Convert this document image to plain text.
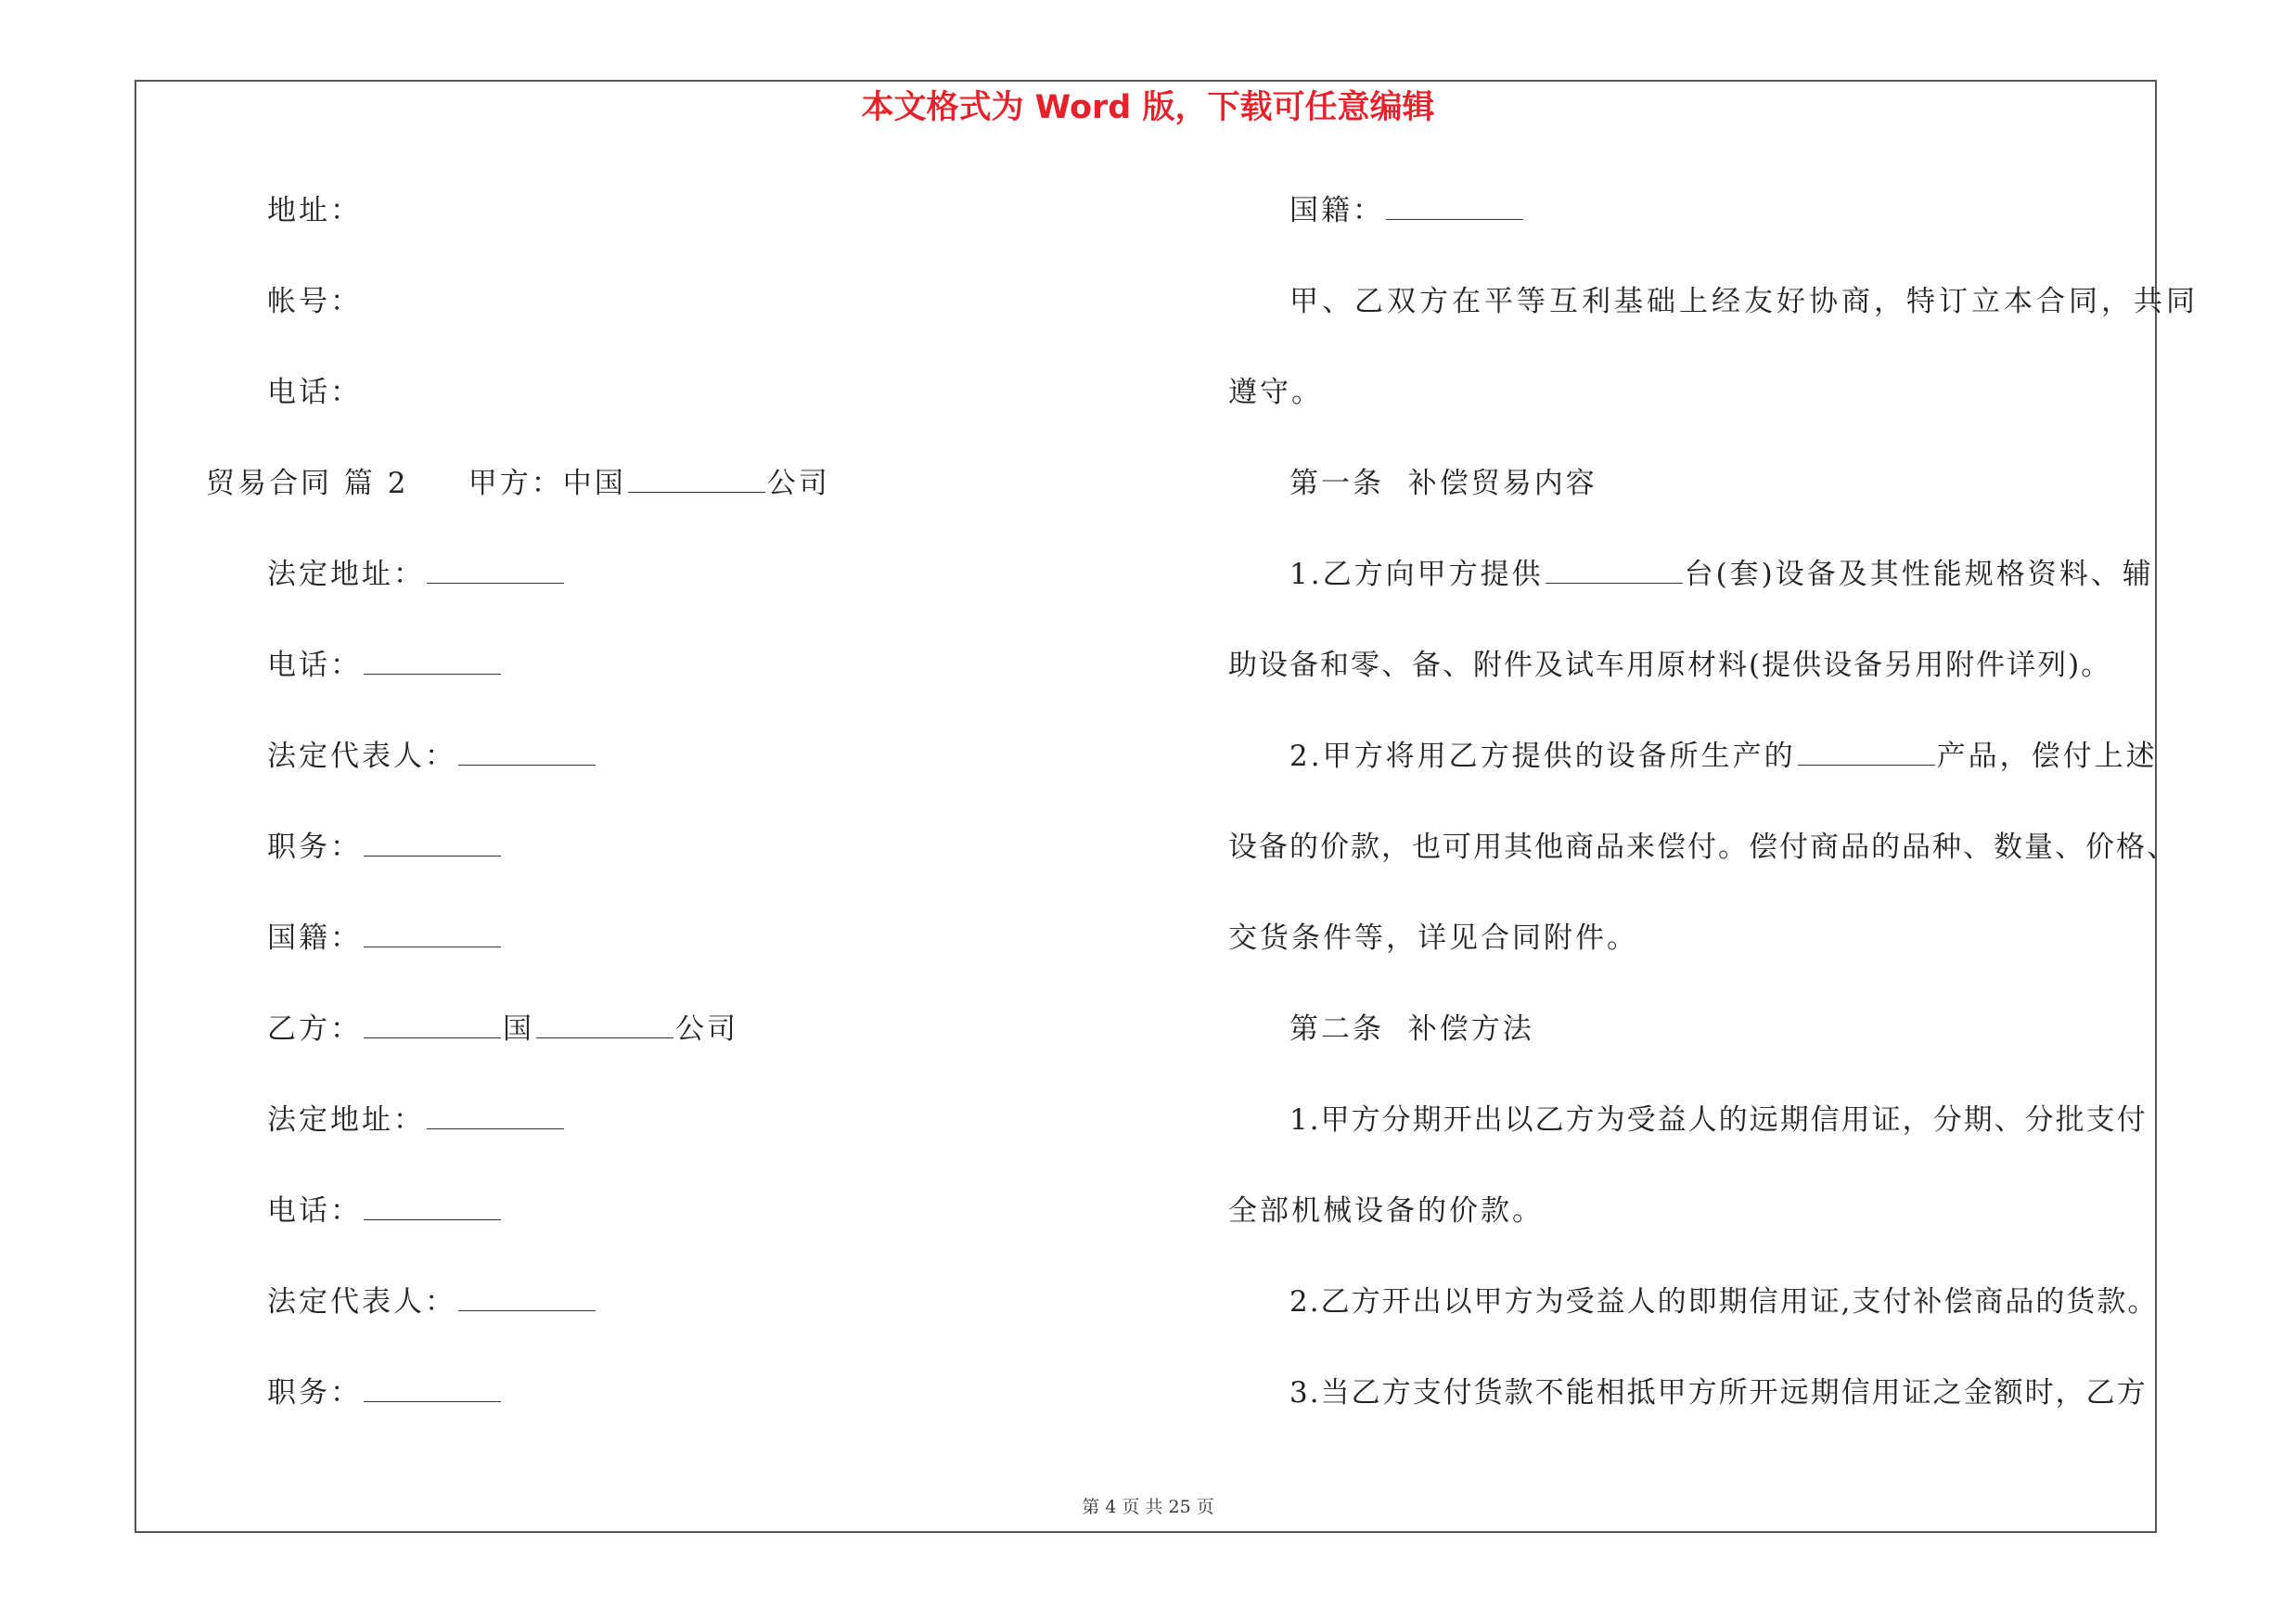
本文格式为 Word 版，下载可任意编辑
地址：
帐号：
电话：
贸易合同 篇 2 甲方：中国	公司
法定地址：
电话：
法定代表人：
职务：
国籍：
乙方：	国	公司
法定地址：
电话：
法定代表人：
职务：
国籍：
甲、乙双方在平等互利基础上经友好协商，特订立本合同，共同
遵守。
第一条  补偿贸易内容
1.乙方向甲方提供	台(套)设备及其性能规格资料、辅
助设备和零、备、附件及试车用原材料(提供设备另用附件详列)。
2.甲方将用乙方提供的设备所生产的	产品，偿付上述
设备的价款，也可用其他商品来偿付。偿付商品的品种、数量、价格、
交货条件等，详见合同附件。
第二条  补偿方法
1.甲方分期开出以乙方为受益人的远期信用证，分期、分批支付
全部机械设备的价款。
2.乙方开出以甲方为受益人的即期信用证,支付补偿商品的货款。
3.当乙方支付货款不能相抵甲方所开远期信用证之金额时，乙方
第 4 页 共 25 页
